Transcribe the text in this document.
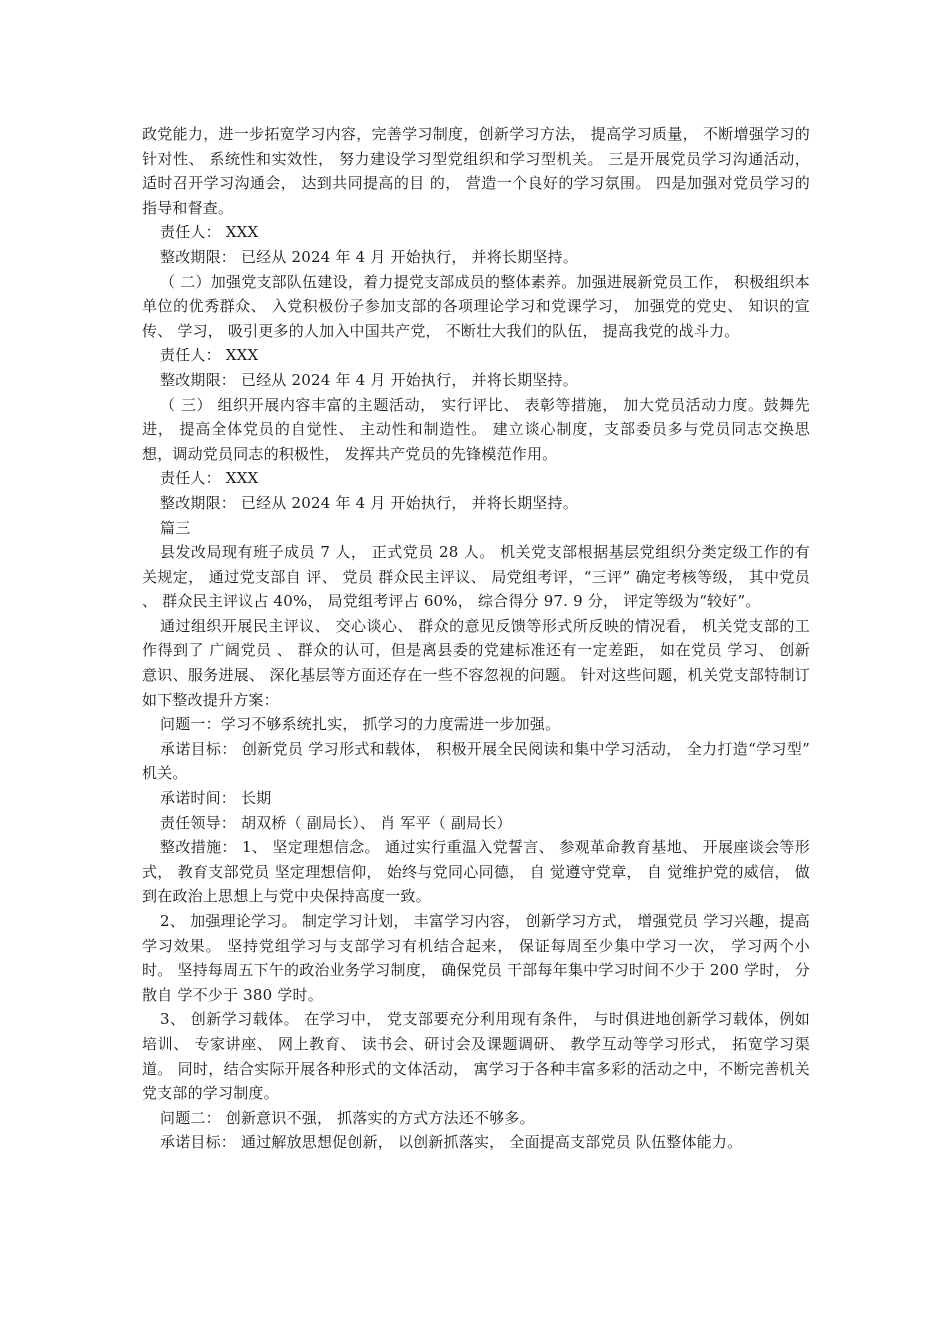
政党能力，进一步拓宽学习内容，完善学习制度，创新学习方法， 提高学习质量， 不断增强学习的针对性、 系统性和实效性， 努力建设学习型党组织和学习型机关。 三是开展党员学习沟通活动， 适时召开学习沟通会， 达到共同提高的目 的， 营造一个良好的学习氛围。 四是加强对党员学习的指导和督查。

责任人： XXX

整改期限： 已经从 2024 年 4 月 开始执行， 并将长期坚持。

（ 二）加强党支部队伍建设，着力提党支部成员的整体素养。加强进展新党员工作， 积极组织本单位的优秀群众、 入党积极份子参加支部的各项理论学习和党课学习， 加强党的党史、 知识的宣传、 学习， 吸引更多的人加入中国共产党， 不断壮大我们的队伍， 提高我党的战斗力。

责任人： XXX

整改期限： 已经从 2024 年 4 月 开始执行， 并将长期坚持。

（ 三） 组织开展内容丰富的主题活动， 实行评比、 表彰等措施， 加大党员活动力度。鼓舞先进， 提高全体党员的自觉性、 主动性和制造性。 建立谈心制度，支部委员多与党员同志交换思想，调动党员同志的积极性， 发挥共产党员的先锋模范作用。

责任人： XXX

整改期限： 已经从 2024 年 4 月 开始执行， 并将长期坚持。

篇三

县发改局现有班子成员 7 人， 正式党员 28 人。 机关党支部根据基层党组织分类定级工作的有关规定， 通过党支部自 评、 党员 群众民主评议、 局党组考评，“三评” 确定考核等级， 其中党员 、 群众民主评议占 40%， 局党组考评占 60%， 综合得分 97. 9 分， 评定等级为“较好”。

通过组织开展民主评议、 交心谈心、 群众的意见反馈等形式所反映的情况看， 机关党支部的工作得到了 广阔党员 、 群众的认可，但是离县委的党建标准还有一定差距， 如在党员 学习、 创新意识、服务进展、 深化基层等方面还存在一些不容忽视的问题。 针对这些问题，机关党支部特制订如下整改提升方案：

问题一：学习不够系统扎实， 抓学习的力度需进一步加强。

承诺目标： 创新党员 学习形式和载体， 积极开展全民阅读和集中学习活动， 全力打造“学习型” 机关。

承诺时间： 长期

责任领导： 胡双桥（ 副局长）、 肖 军平（ 副局长）

整改措施： 1、 坚定理想信念。 通过实行重温入党誓言、 参观革命教育基地、 开展座谈会等形式， 教育支部党员 坚定理想信仰， 始终与党同心同德， 自 觉遵守党章， 自 觉维护党的威信， 做到在政治上思想上与党中央保持高度一致。

2、 加强理论学习。 制定学习计划， 丰富学习内容， 创新学习方式， 增强党员 学习兴趣，提高学习效果。 坚持党组学习与支部学习有机结合起来， 保证每周至少集中学习一次， 学习两个小时。 坚持每周五下午的政治业务学习制度， 确保党员 干部每年集中学习时间不少于 200 学时， 分散自 学不少于 380 学时。

3、 创新学习载体。 在学习中， 党支部要充分利用现有条件， 与时俱进地创新学习载体，例如培训、 专家讲座、 网上教育、 读书会、研讨会及课题调研、 教学互动等学习形式， 拓宽学习渠道。 同时，结合实际开展各种形式的文体活动， 寓学习于各种丰富多彩的活动之中，不断完善机关党支部的学习制度。

问题二： 创新意识不强， 抓落实的方式方法还不够多。

承诺目标： 通过解放思想促创新， 以创新抓落实， 全面提高支部党员 队伍整体能力。
